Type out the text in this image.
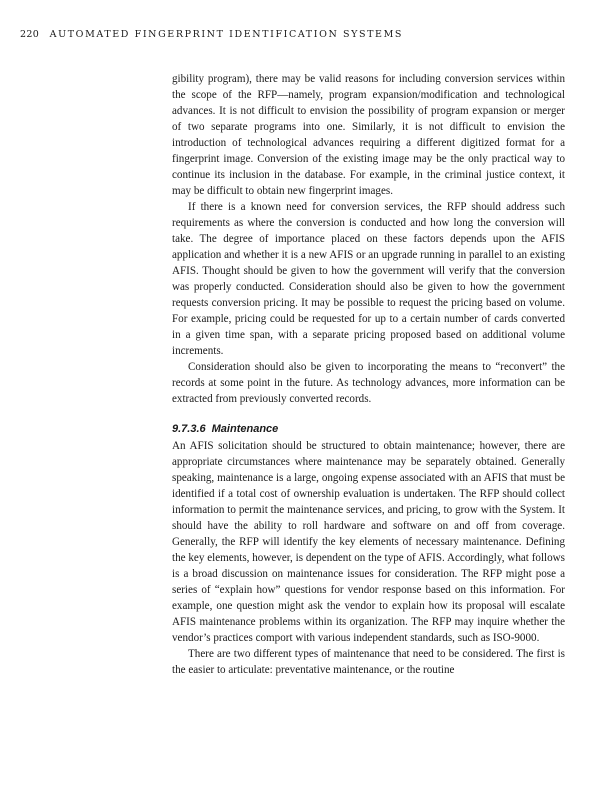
220 AUTOMATED FINGERPRINT IDENTIFICATION SYSTEMS

gibility program), there may be valid reasons for including conversion services within the scope of the RFP—namely, program expansion/modification and technological advances. It is not difficult to envision the possibility of program expansion or merger of two separate programs into one. Similarly, it is not difficult to envision the introduction of technological advances requiring a different digitized format for a fingerprint image. Conversion of the existing image may be the only practical way to continue its inclusion in the database. For example, in the criminal justice context, it may be difficult to obtain new fingerprint images.

If there is a known need for conversion services, the RFP should address such requirements as where the conversion is conducted and how long the conversion will take. The degree of importance placed on these factors depends upon the AFIS application and whether it is a new AFIS or an upgrade running in parallel to an existing AFIS. Thought should be given to how the government will verify that the conversion was properly conducted. Consideration should also be given to how the government requests conversion pricing. It may be possible to request the pricing based on volume. For example, pricing could be requested for up to a certain number of cards converted in a given time span, with a separate pricing proposed based on additional volume increments.

Consideration should also be given to incorporating the means to “reconvert” the records at some point in the future. As technology advances, more information can be extracted from previously converted records.

9.7.3.6 Maintenance

An AFIS solicitation should be structured to obtain maintenance; however, there are appropriate circumstances where maintenance may be separately obtained. Generally speaking, maintenance is a large, ongoing expense associated with an AFIS that must be identified if a total cost of ownership evaluation is undertaken. The RFP should collect information to permit the maintenance services, and pricing, to grow with the System. It should have the ability to roll hardware and software on and off from coverage. Generally, the RFP will identify the key elements of necessary maintenance. Defining the key elements, however, is dependent on the type of AFIS. Accordingly, what follows is a broad discussion on maintenance issues for consideration. The RFP might pose a series of “explain how” questions for vendor response based on this information. For example, one question might ask the vendor to explain how its proposal will escalate AFIS maintenance problems within its organization. The RFP may inquire whether the vendor’s practices comport with various independent standards, such as ISO-9000.

There are two different types of maintenance that need to be considered. The first is the easier to articulate: preventative maintenance, or the routine
